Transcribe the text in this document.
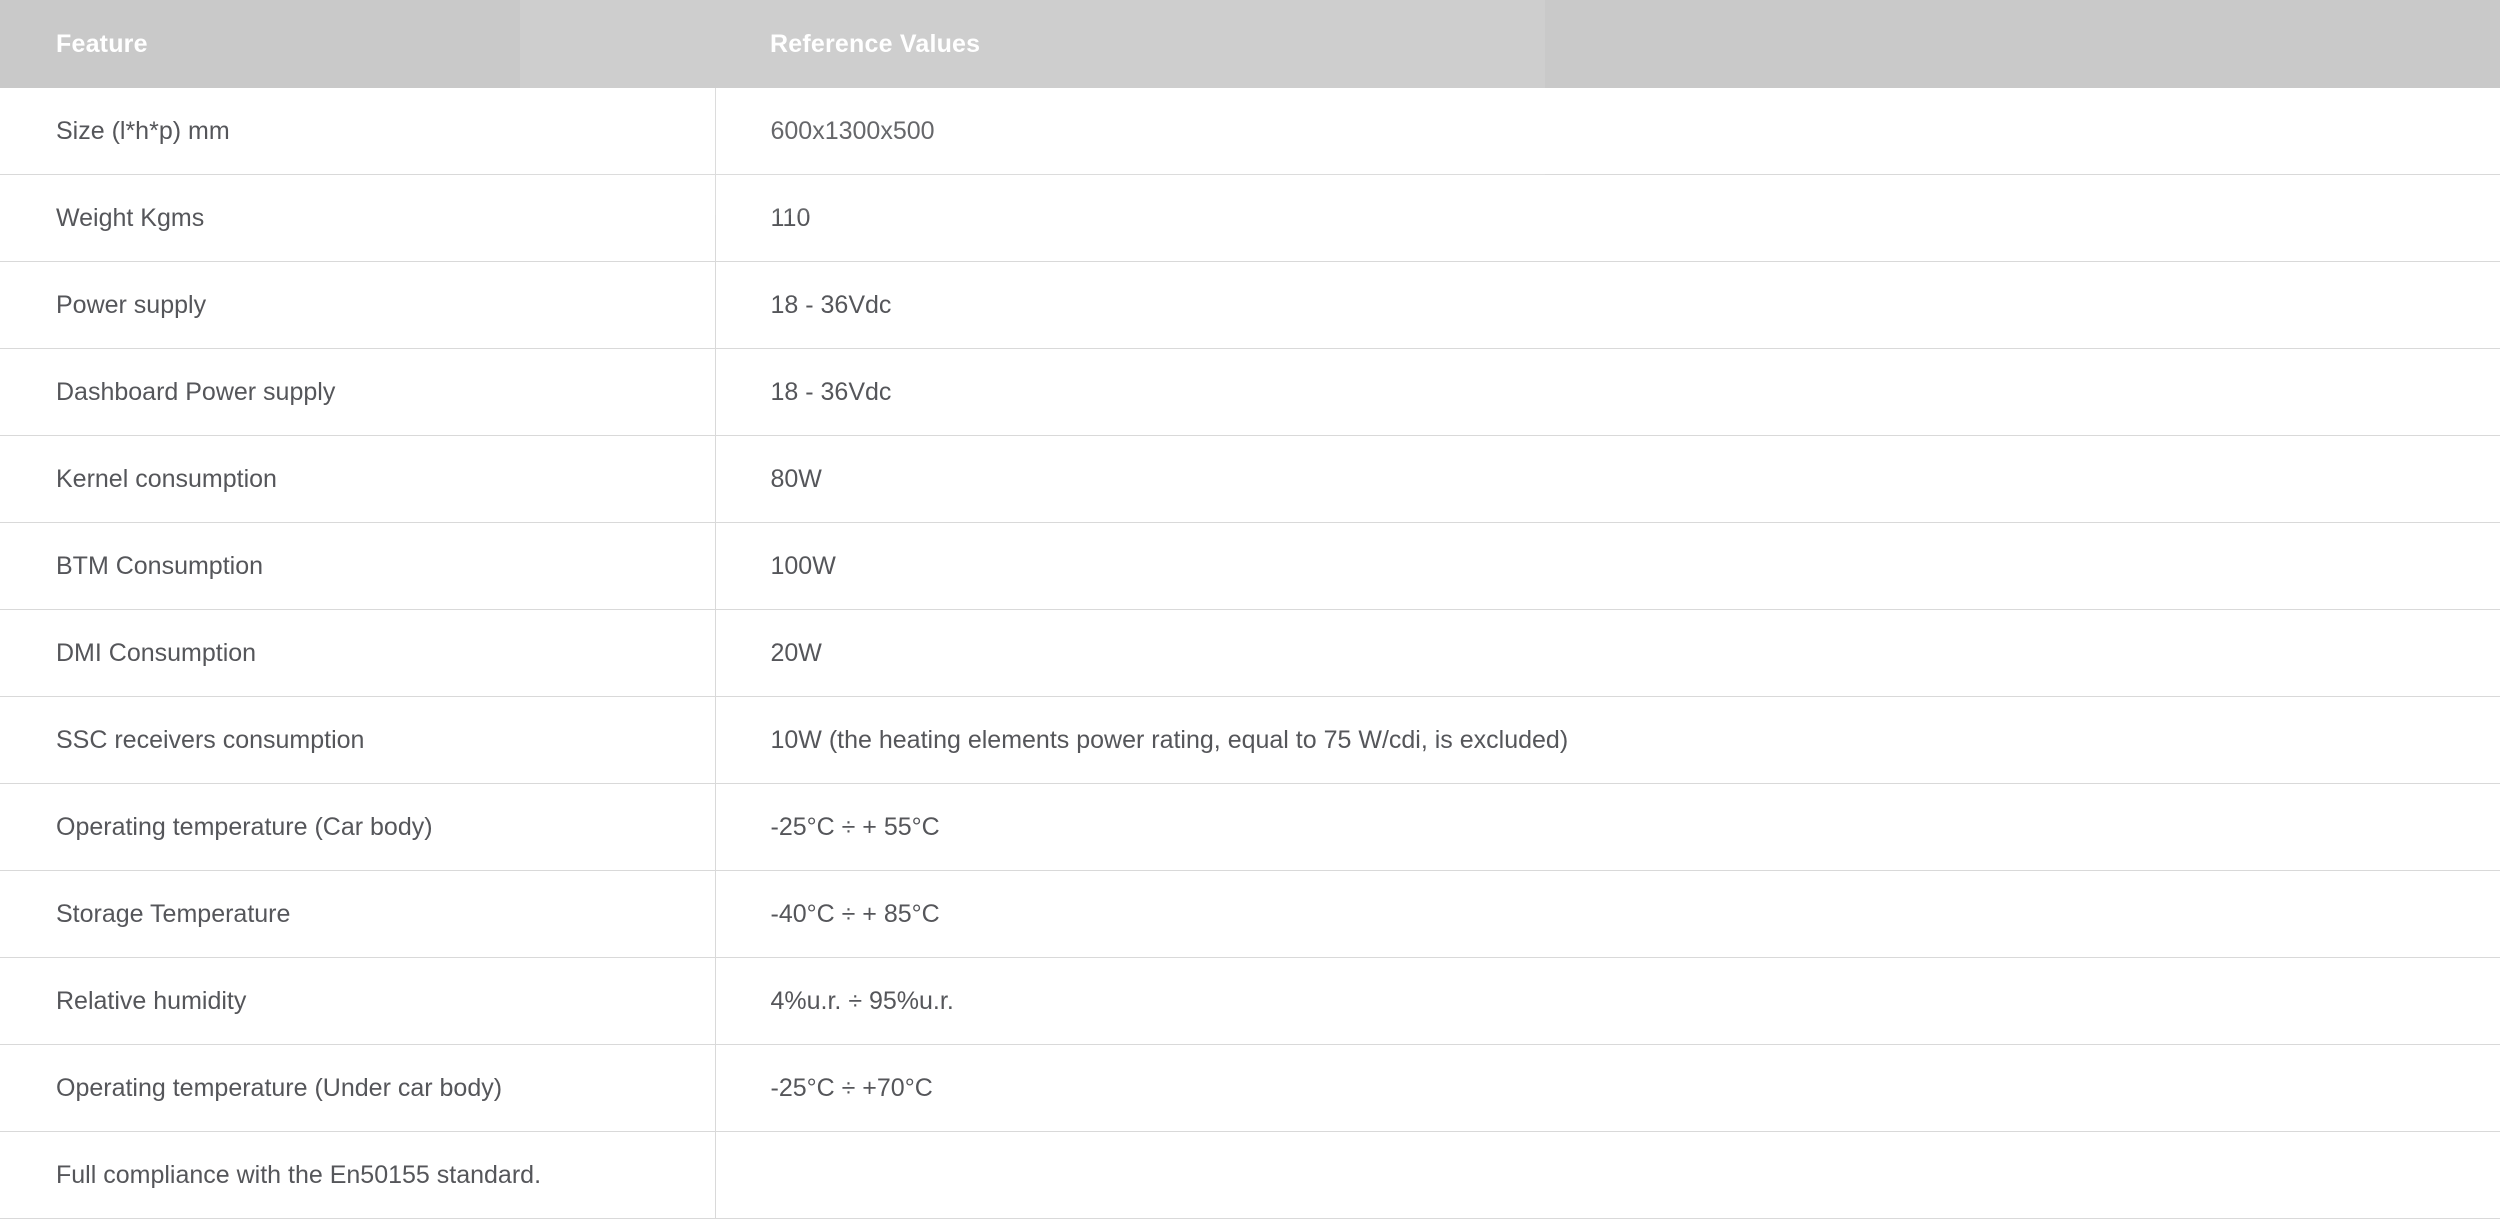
Feature	Reference Values
Size (l*h*p) mm	600x1300x500
Weight Kgms	110
Power supply	18 - 36Vdc
Dashboard Power supply	18 - 36Vdc
Kernel consumption	80W
BTM Consumption	100W
DMI Consumption	20W
SSC receivers consumption	10W (the heating elements power rating, equal to 75 W/cdi, is excluded)
Operating temperature (Car body)	-25°C ÷ + 55°C
Storage Temperature	-40°C ÷ + 85°C
Relative humidity	4%u.r. ÷ 95%u.r.
Operating temperature (Under car body)	-25°C ÷ +70°C
Full compliance with the En50155 standard.	
